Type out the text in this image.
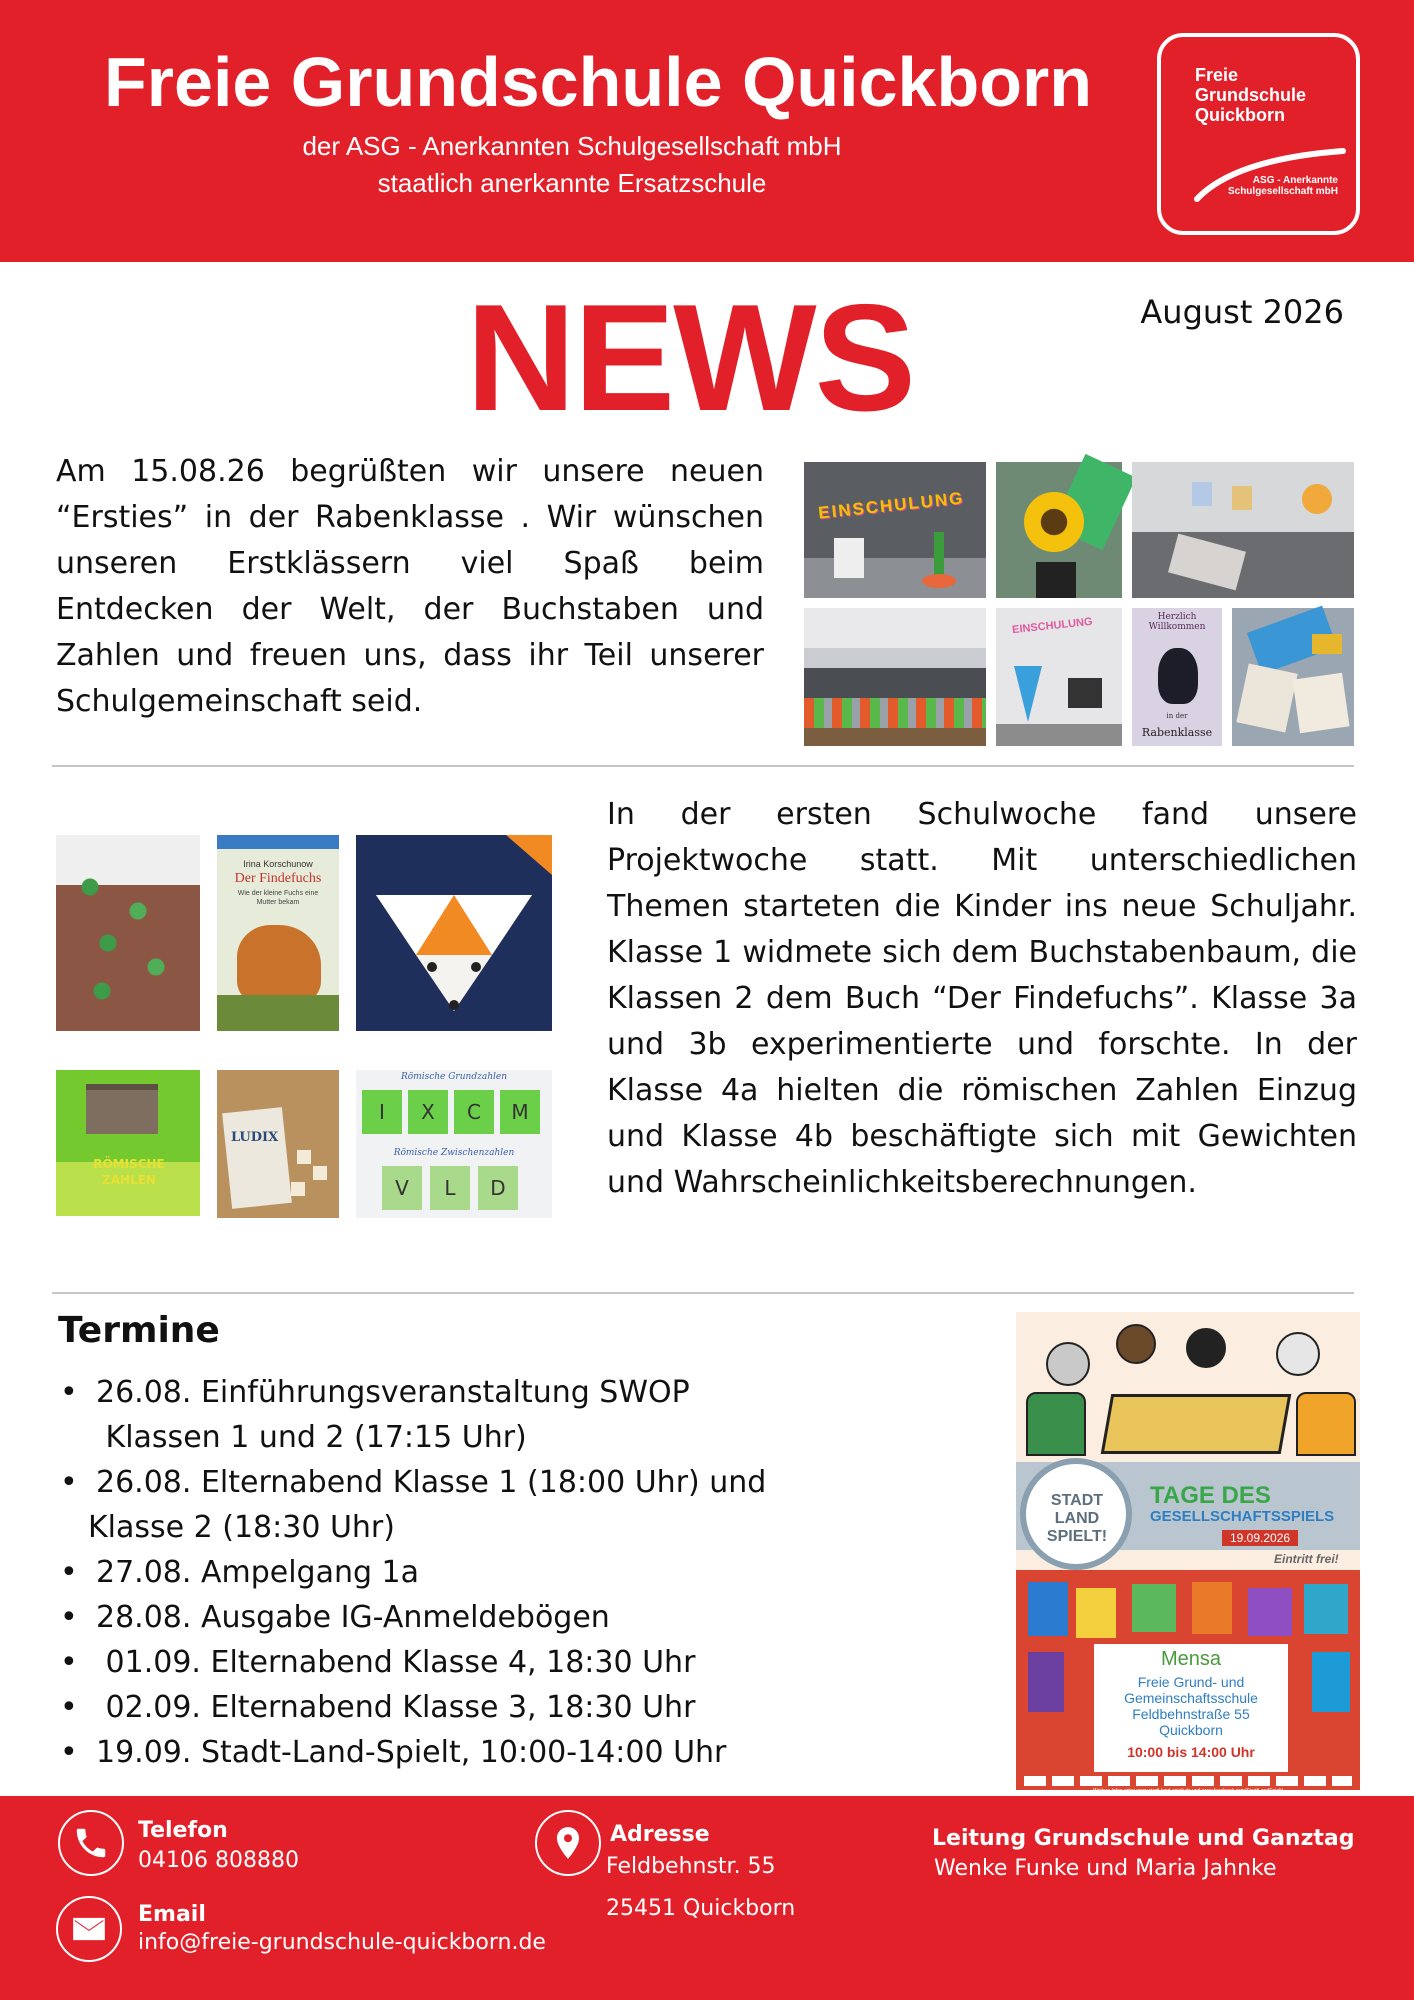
Freie Grundschule Quickborn
der ASG - Anerkannten Schulgesellschaft mbH
staatlich anerkannte Ersatzschule
Freie
Grundschule
Quickborn
ASG - Anerkannte
Schulgesellschaft mbH
NEWS	August 2026
Am 15.08.26 begrüßten wir unsere neuen “Ersties” in der Rabenklasse . Wir wünschen unseren Erstklässern viel Spaß beim Entdecken der Welt, der Buchstaben und Zahlen und freuen uns, dass ihr Teil unserer Schulgemeinschaft seid.
EINSCHULUNG
EINSCHULUNG	Herzlich Willkommen
in der
Rabenklasse
Irina Korschunow
Der Findefuchs
Wie der kleine Fuchs eine Mutter bekam
RÖMISCHE ZAHLEN
LUDIX
Römische Grundzahlen
I	X	C	M
Römische Zwischenzahlen
V	L	D
In der ersten Schulwoche fand unsere Projektwoche statt. Mit unterschiedlichen Themen starteten die Kinder ins neue Schuljahr. Klasse 1 widmete sich dem Buchstabenbaum, die Klassen 2 dem Buch “Der Findefuchs”. Klasse 3a und 3b experimentierte und forschte. In der Klasse 4a hielten die römischen Zahlen Einzug und Klasse 4b beschäftigte sich mit Gewichten und Wahrscheinlichkeitsberechnungen.
Termine
• 26.08. Einführungsveranstaltung SWOP
Klassen 1 und 2 (17:15 Uhr)
• 26.08. Elternabend Klasse 1 (18:00 Uhr) und
Klasse 2 (18:30 Uhr)
• 27.08. Ampelgang 1a
• 28.08. Ausgabe IG-Anmeldebögen
•  01.09. Elternabend Klasse 4, 18:30 Uhr
•  02.09. Elternabend Klasse 3, 18:30 Uhr
• 19.09. Stadt-Land-Spielt, 10:00-14:00 Uhr
STADT LAND SPIELT!
TAGE DES
GESELLSCHAFTSSPIELS
19.09.2026
Eintritt frei!
Mensa
Freie Grund- und
Gemeinschaftsschule
Feldbehnstraße 55
Quickborn
10:00 bis 14:00 Uhr
Weitere Infos unter www.stadt-land-spielt.de und www.facebook.com/StadtLandSpielt/
Telefon
04106 808880
Email
info@freie-grundschule-quickborn.de
Adresse
Feldbehnstr. 55
25451 Quickborn
Leitung Grundschule und Ganztag
Wenke Funke und Maria Jahnke
